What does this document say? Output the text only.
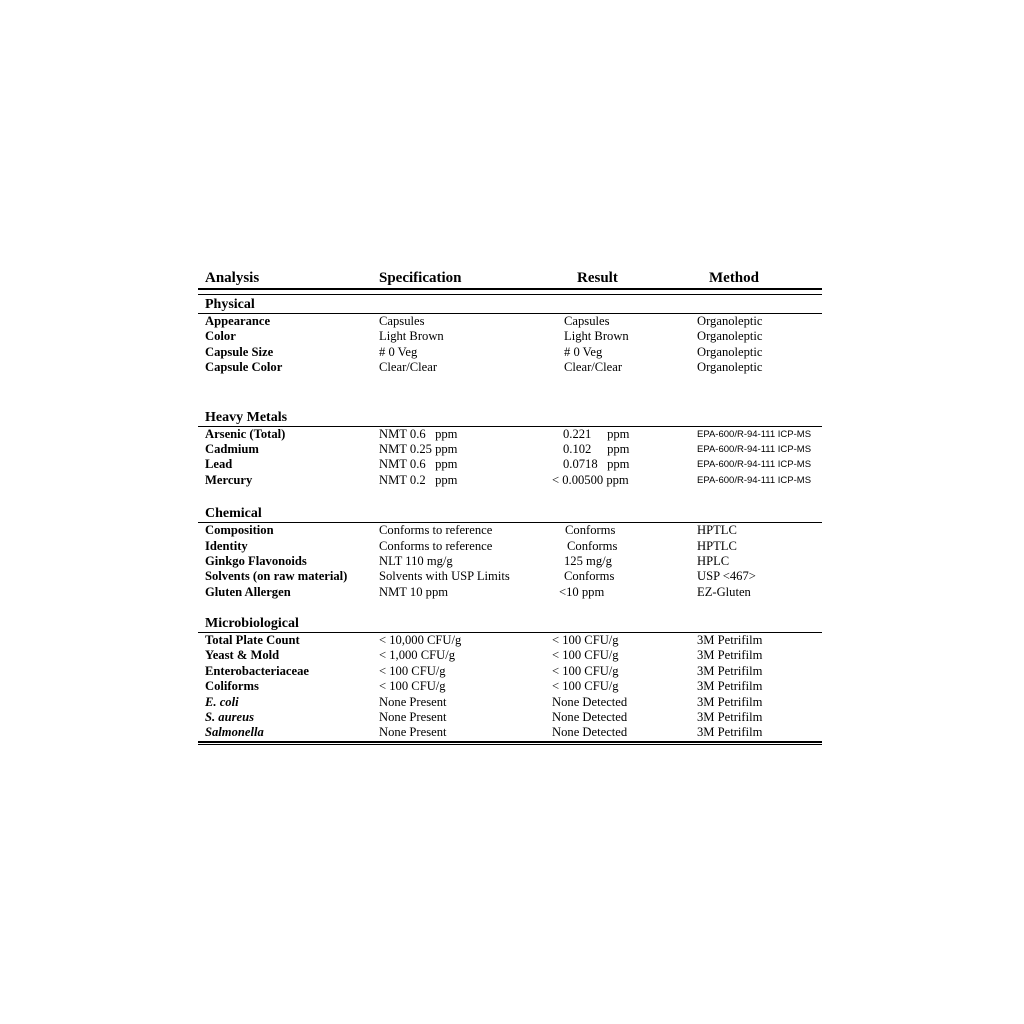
Analysis	Specification	Result	Method
Physical
Appearance	Capsules	Capsules	Organoleptic
Color	Light Brown	Light Brown	Organoleptic
Capsule Size	# 0 Veg	# 0 Veg	Organoleptic
Capsule Color	Clear/Clear	Clear/Clear	Organoleptic
Heavy Metals
Arsenic (Total)	NMT 0.6   ppm	0.221     ppm	EPA-600/R-94-111 ICP-MS
Cadmium	NMT 0.25 ppm	0.102     ppm	EPA-600/R-94-111 ICP-MS
Lead	NMT 0.6   ppm	0.0718   ppm	EPA-600/R-94-111 ICP-MS
Mercury	NMT 0.2   ppm	< 0.00500 ppm	EPA-600/R-94-111 ICP-MS
Chemical
Composition	Conforms to reference	Conforms	HPTLC
Identity	Conforms to reference	Conforms	HPTLC
Ginkgo Flavonoids	NLT 110 mg/g	125 mg/g	HPLC
Solvents (on raw material)	Solvents with USP Limits	Conforms	USP <467>
Gluten Allergen	NMT 10 ppm	<10 ppm	EZ-Gluten
Microbiological
Total Plate Count	< 10,000 CFU/g	< 100 CFU/g	3M Petrifilm
Yeast & Mold	< 1,000 CFU/g	< 100 CFU/g	3M Petrifilm
Enterobacteriaceae	< 100 CFU/g	< 100 CFU/g	3M Petrifilm
Coliforms	< 100 CFU/g	< 100 CFU/g	3M Petrifilm
E. coli	None Present	None Detected	3M Petrifilm
S. aureus	None Present	None Detected	3M Petrifilm
Salmonella	None Present	None Detected	3M Petrifilm
